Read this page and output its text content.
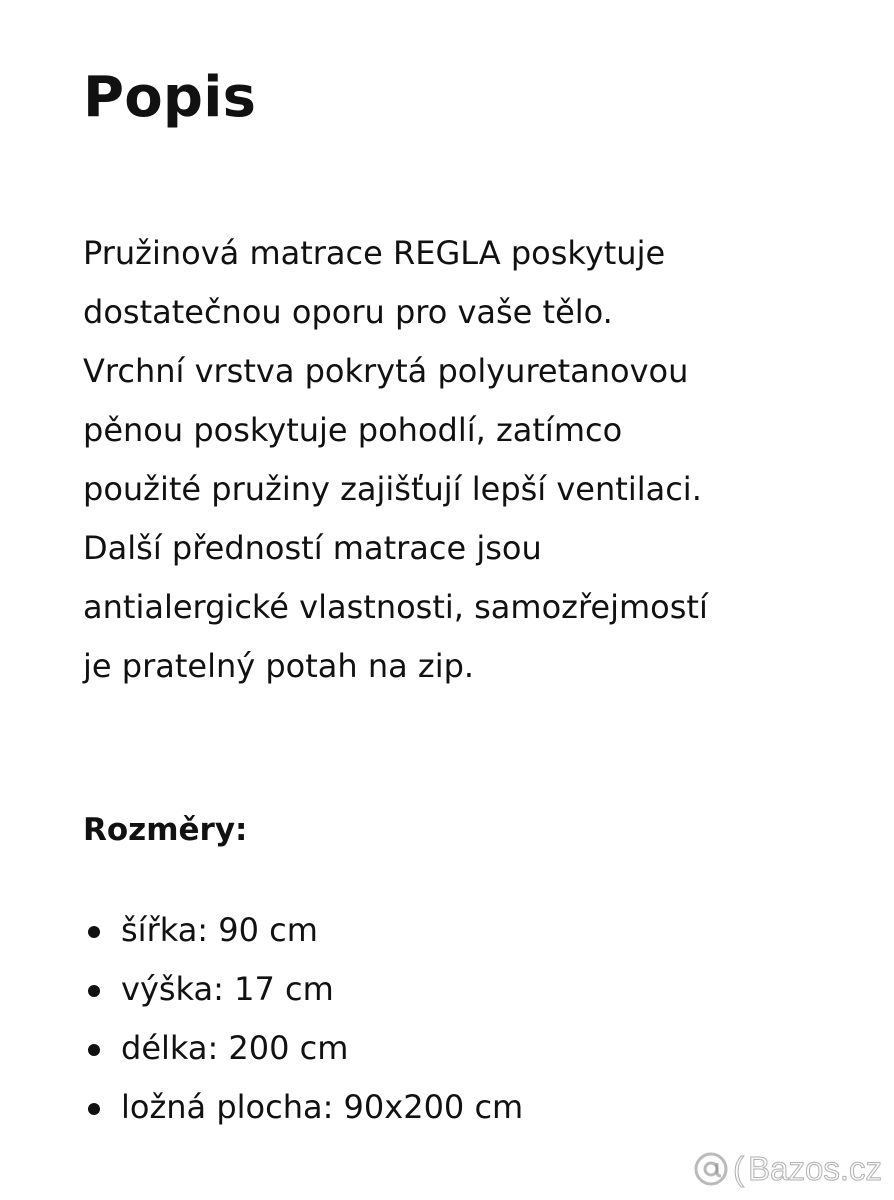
Popis
Pružinová matrace REGLA poskytuje
dostatečnou oporu pro vaše tělo.
Vrchní vrstva pokrytá polyuretanovou
pěnou poskytuje pohodlí, zatímco
použité pružiny zajišťují lepší ventilaci.
Další předností matrace jsou
antialergické vlastnosti, samozřejmostí
je pratelný potah na zip.
Rozměry:
šířka: 90 cm
výška: 17 cm
délka: 200 cm
ložná plocha: 90x200 cm
( Bazos.cz
